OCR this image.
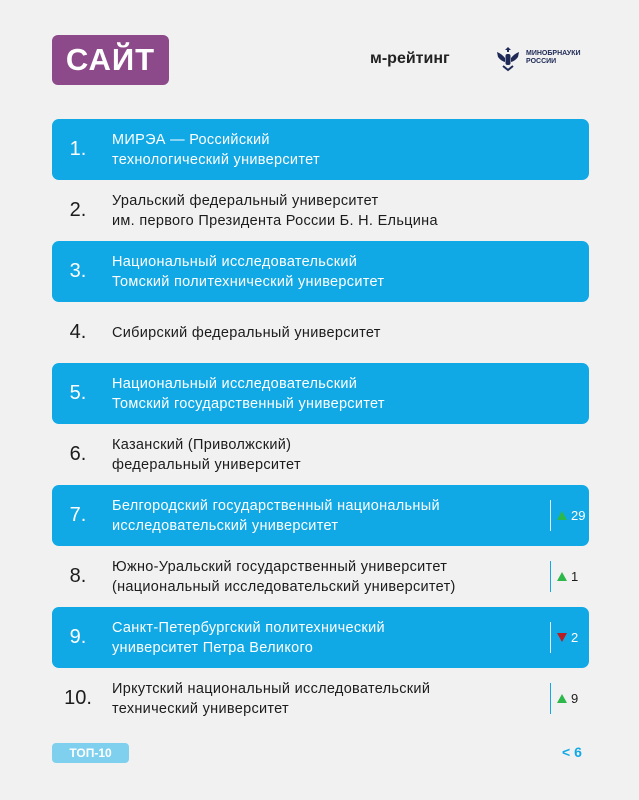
САЙТ	м-рейтинг	МИНОБРНАУКИ
РОССИИ
1.	МИРЭА — Российский
технологический университет
2.	Уральский федеральный университет
им. первого Президента России Б. Н. Ельцина
3.	Национальный исследовательский
Томский политехнический университет
4.	Сибирский федеральный университет
5.	Национальный исследовательский
Томский государственный университет
6.	Казанский (Приволжский)
федеральный университет
7.	Белгородский государственный национальный
исследовательский университет
29
8.	Южно-Уральский государственный университет
(национальный исследовательский университет)
1
9.	Санкт-Петербургский политехнический
университет Петра Великого
2
10.	Иркутский национальный исследовательский
технический университет
9
ТОП-10	< 6
